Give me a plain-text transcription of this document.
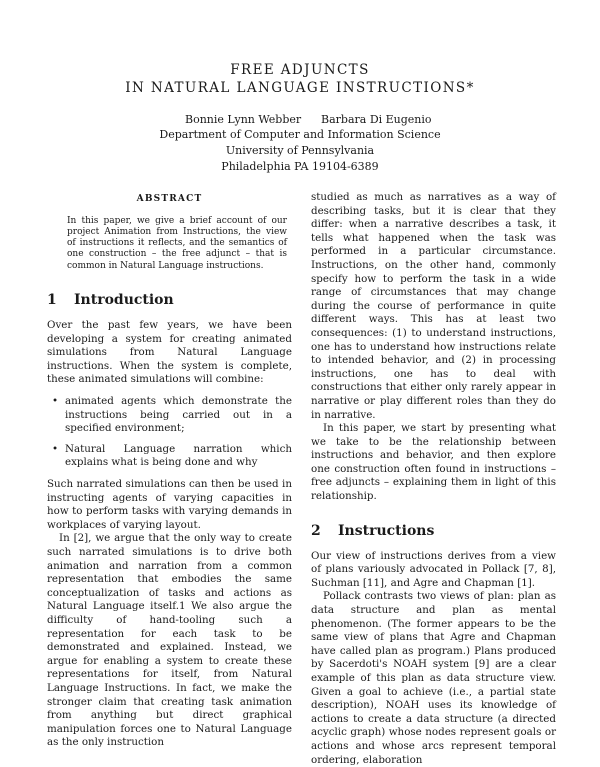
FREE ADJUNCTS
IN NATURAL LANGUAGE INSTRUCTIONS*
Bonnie Lynn Webber Barbara Di Eugenio
Department of Computer and Information Science
University of Pennsylvania
Philadelphia PA 19104-6389
ABSTRACT

In this paper, we give a brief account of our project Animation from Instructions, the view of instructions it reflects, and the semantics of one construction – the free adjunct – that is common in Natural Language instructions.

1 Introduction

Over the past few years, we have been developing a system for creating animated simulations from Natural Language instructions. When the system is complete, these animated simulations will combine:

• animated agents which demonstrate the instructions being carried out in a specified environment;
• Natural Language narration which explains what is being done and why

Such narrated simulations can then be used in instructing agents of varying capacities in how to perform tasks with varying demands in workplaces of varying layout.

In [2], we argue that the only way to create such narrated simulations is to drive both animation and narration from a common representation that embodies the same conceptualization of tasks and actions as Natural Language itself.1 We also argue the difficulty of hand-tooling such a representation for each task to be demonstrated and explained. Instead, we argue for enabling a system to create these representations for itself, from Natural Language Instructions. In fact, we make the stronger claim that creating task animation from anything but direct graphical manipulation forces one to Natural Language as the only instruction

studied as much as narratives as a way of describing tasks, but it is clear that they differ: when a narrative describes a task, it tells what happened when the task was performed in a particular circumstance. Instructions, on the other hand, commonly specify how to perform the task in a wide range of circumstances that may change during the course of performance in quite different ways. This has at least two consequences: (1) to understand instructions, one has to understand how instructions relate to intended behavior, and (2) in processing instructions, one has to deal with constructions that either only rarely appear in narrative or play different roles than they do in narrative.

In this paper, we start by presenting what we take to be the relationship between instructions and behavior, and then explore one construction often found in instructions – free adjuncts – explaining them in light of this relationship.

2 Instructions

Our view of instructions derives from a view of plans variously advocated in Pollack [7, 8], Suchman [11], and Agre and Chapman [1].

Pollack contrasts two views of plan: plan as data structure and plan as mental phenomenon. (The former appears to be the same view of plans that Agre and Chapman have called plan as program.) Plans produced by Sacerdoti's NOAH system [9] are a clear example of this plan as data structure view. Given a goal to achieve (i.e., a partial state description), NOAH uses its knowledge of actions to create a data structure (a directed acyclic graph) whose nodes represent goals or actions and whose arcs represent temporal ordering, elaboration
